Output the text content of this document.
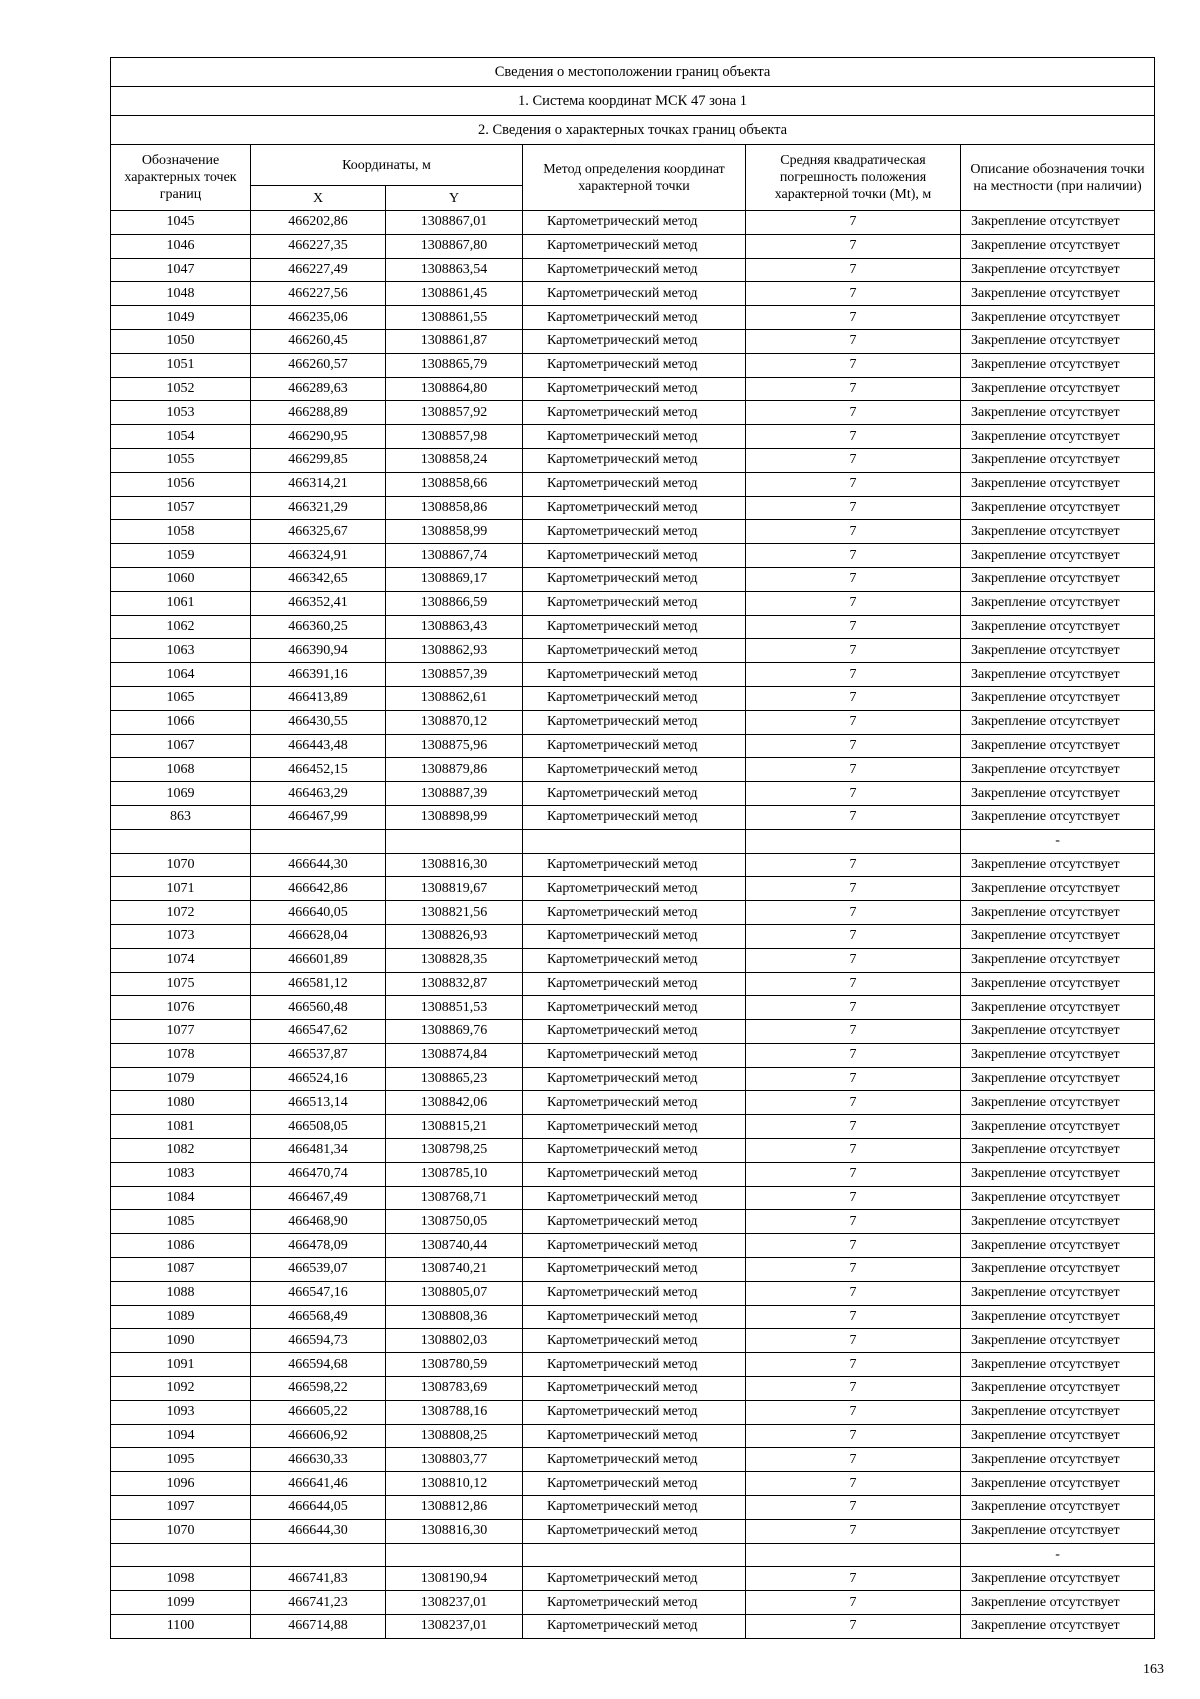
Сведения о местоположении границ объекта					
1. Система координат МСК 47 зона 1					
2. Сведения о характерных точках границ объекта					
Обозначение характерных точек границ	Координаты, м		Метод определения координат характерной точки	Средняя квадратическая погрешность положения характерной точки (Mt), м	Описание обозначения точки на местности (при наличии)
	X	Y			
1045	466202,86	1308867,01	Картометрический метод	7	Закрепление отсутствует
1046	466227,35	1308867,80	Картометрический метод	7	Закрепление отсутствует
1047	466227,49	1308863,54	Картометрический метод	7	Закрепление отсутствует
1048	466227,56	1308861,45	Картометрический метод	7	Закрепление отсутствует
1049	466235,06	1308861,55	Картометрический метод	7	Закрепление отсутствует
1050	466260,45	1308861,87	Картометрический метод	7	Закрепление отсутствует
1051	466260,57	1308865,79	Картометрический метод	7	Закрепление отсутствует
1052	466289,63	1308864,80	Картометрический метод	7	Закрепление отсутствует
1053	466288,89	1308857,92	Картометрический метод	7	Закрепление отсутствует
1054	466290,95	1308857,98	Картометрический метод	7	Закрепление отсутствует
1055	466299,85	1308858,24	Картометрический метод	7	Закрепление отсутствует
1056	466314,21	1308858,66	Картометрический метод	7	Закрепление отсутствует
1057	466321,29	1308858,86	Картометрический метод	7	Закрепление отсутствует
1058	466325,67	1308858,99	Картометрический метод	7	Закрепление отсутствует
1059	466324,91	1308867,74	Картометрический метод	7	Закрепление отсутствует
1060	466342,65	1308869,17	Картометрический метод	7	Закрепление отсутствует
1061	466352,41	1308866,59	Картометрический метод	7	Закрепление отсутствует
1062	466360,25	1308863,43	Картометрический метод	7	Закрепление отсутствует
1063	466390,94	1308862,93	Картометрический метод	7	Закрепление отсутствует
1064	466391,16	1308857,39	Картометрический метод	7	Закрепление отсутствует
1065	466413,89	1308862,61	Картометрический метод	7	Закрепление отсутствует
1066	466430,55	1308870,12	Картометрический метод	7	Закрепление отсутствует
1067	466443,48	1308875,96	Картометрический метод	7	Закрепление отсутствует
1068	466452,15	1308879,86	Картометрический метод	7	Закрепление отсутствует
1069	466463,29	1308887,39	Картометрический метод	7	Закрепление отсутствует
863	466467,99	1308898,99	Картометрический метод	7	Закрепление отсутствует
					-
1070	466644,30	1308816,30	Картометрический метод	7	Закрепление отсутствует
1071	466642,86	1308819,67	Картометрический метод	7	Закрепление отсутствует
1072	466640,05	1308821,56	Картометрический метод	7	Закрепление отсутствует
1073	466628,04	1308826,93	Картометрический метод	7	Закрепление отсутствует
1074	466601,89	1308828,35	Картометрический метод	7	Закрепление отсутствует
1075	466581,12	1308832,87	Картометрический метод	7	Закрепление отсутствует
1076	466560,48	1308851,53	Картометрический метод	7	Закрепление отсутствует
1077	466547,62	1308869,76	Картометрический метод	7	Закрепление отсутствует
1078	466537,87	1308874,84	Картометрический метод	7	Закрепление отсутствует
1079	466524,16	1308865,23	Картометрический метод	7	Закрепление отсутствует
1080	466513,14	1308842,06	Картометрический метод	7	Закрепление отсутствует
1081	466508,05	1308815,21	Картометрический метод	7	Закрепление отсутствует
1082	466481,34	1308798,25	Картометрический метод	7	Закрепление отсутствует
1083	466470,74	1308785,10	Картометрический метод	7	Закрепление отсутствует
1084	466467,49	1308768,71	Картометрический метод	7	Закрепление отсутствует
1085	466468,90	1308750,05	Картометрический метод	7	Закрепление отсутствует
1086	466478,09	1308740,44	Картометрический метод	7	Закрепление отсутствует
1087	466539,07	1308740,21	Картометрический метод	7	Закрепление отсутствует
1088	466547,16	1308805,07	Картометрический метод	7	Закрепление отсутствует
1089	466568,49	1308808,36	Картометрический метод	7	Закрепление отсутствует
1090	466594,73	1308802,03	Картометрический метод	7	Закрепление отсутствует
1091	466594,68	1308780,59	Картометрический метод	7	Закрепление отсутствует
1092	466598,22	1308783,69	Картометрический метод	7	Закрепление отсутствует
1093	466605,22	1308788,16	Картометрический метод	7	Закрепление отсутствует
1094	466606,92	1308808,25	Картометрический метод	7	Закрепление отсутствует
1095	466630,33	1308803,77	Картометрический метод	7	Закрепление отсутствует
1096	466641,46	1308810,12	Картометрический метод	7	Закрепление отсутствует
1097	466644,05	1308812,86	Картометрический метод	7	Закрепление отсутствует
1070	466644,30	1308816,30	Картометрический метод	7	Закрепление отсутствует
					-
1098	466741,83	1308190,94	Картометрический метод	7	Закрепление отсутствует
1099	466741,23	1308237,01	Картометрический метод	7	Закрепление отсутствует
1100	466714,88	1308237,01	Картометрический метод	7	Закрепление отсутствует
163
